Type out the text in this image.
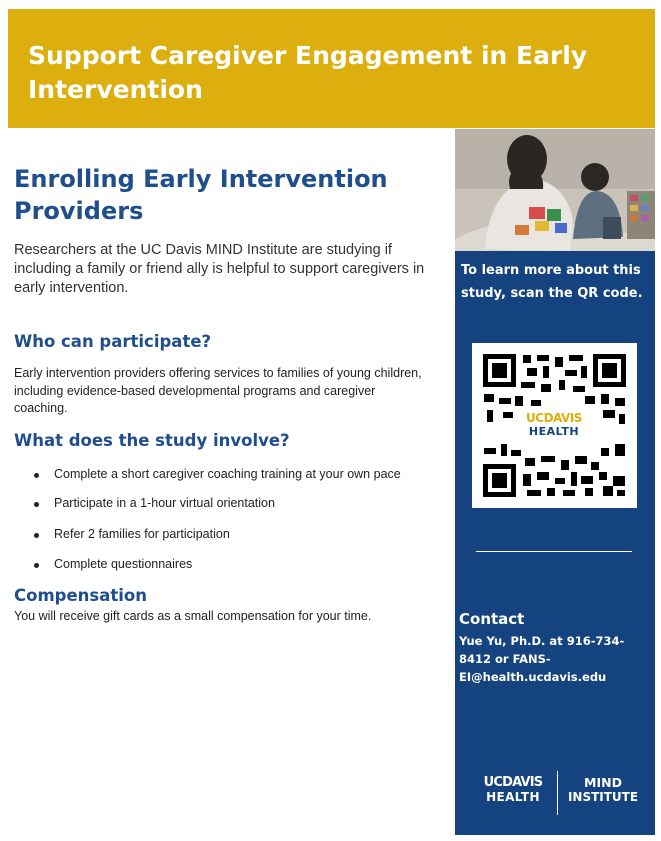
Support Caregiver Engagement in Early Intervention
Enrolling Early Intervention Providers
Researchers at the UC Davis MIND Institute are studying if including a family or friend ally is helpful to support caregivers in early intervention.
Who can participate?
Early intervention providers offering services to families of young children, including evidence-based developmental programs and caregiver coaching.
What does the study involve?
Complete a short caregiver coaching training at your own pace
Participate in a 1-hour virtual orientation
Refer 2 families for participation
Complete questionnaires
Compensation
You will receive gift cards as a small compensation for your time.
To learn more about this study, scan the QR code.
UCDAVIS
HEALTH
Contact
Yue Yu, Ph.D. at 916-734-8412 or FANS-EI@health.ucdavis.edu
UCDAVIS
HEALTH
MIND
INSTITUTE
